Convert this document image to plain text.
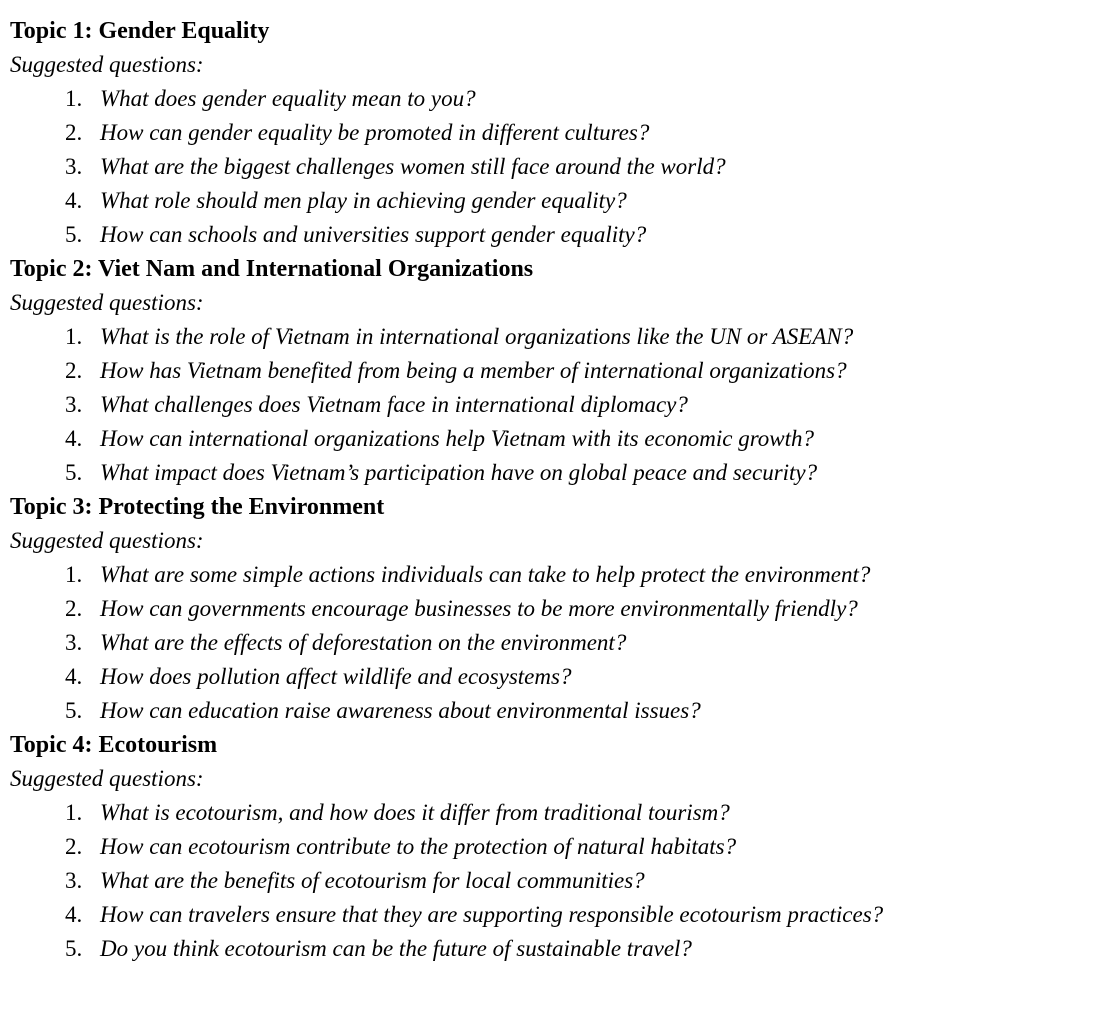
Topic 1: Gender Equality

Suggested questions:

1. What does gender equality mean to you?
2. How can gender equality be promoted in different cultures?
3. What are the biggest challenges women still face around the world?
4. What role should men play in achieving gender equality?
5. How can schools and universities support gender equality?
Topic 2: Viet Nam and International Organizations

Suggested questions:

1. What is the role of Vietnam in international organizations like the UN or ASEAN?
2. How has Vietnam benefited from being a member of international organizations?
3. What challenges does Vietnam face in international diplomacy?
4. How can international organizations help Vietnam with its economic growth?
5. What impact does Vietnam’s participation have on global peace and security?
Topic 3: Protecting the Environment

Suggested questions:

1. What are some simple actions individuals can take to help protect the environment?
2. How can governments encourage businesses to be more environmentally friendly?
3. What are the effects of deforestation on the environment?
4. How does pollution affect wildlife and ecosystems?
5. How can education raise awareness about environmental issues?
Topic 4: Ecotourism

Suggested questions:

1. What is ecotourism, and how does it differ from traditional tourism?
2. How can ecotourism contribute to the protection of natural habitats?
3. What are the benefits of ecotourism for local communities?
4. How can travelers ensure that they are supporting responsible ecotourism practices?
5. Do you think ecotourism can be the future of sustainable travel?
